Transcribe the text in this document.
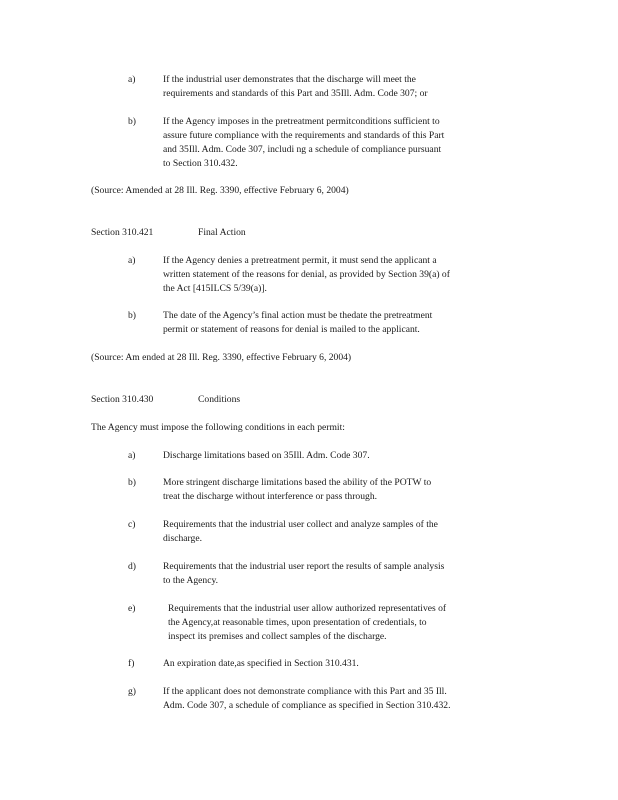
a)	If the industrial user demonstrates that the discharge will meet the
requirements and standards of this Part and 35Ill. Adm. Code 307; or
b)	If the Agency imposes in the pretreatment permitconditions sufficient to
assure future compliance with the requirements and standards of this Part
and 35Ill. Adm. Code 307, includi ng a schedule of compliance pursuant
to Section 310.432.
(Source: Amended at 28 Ill. Reg. 3390, effective February 6, 2004)
Section 310.421	Final Action
a)	If the Agency denies a pretreatment permit, it must send the applicant a
written statement of the reasons for denial, as provided by Section 39(a) of
the Act [415ILCS 5/39(a)].
b)	The date of the Agency’s final action must be thedate the pretreatment
permit or statement of reasons for denial is mailed to the applicant.
(Source: Am ended at 28 Ill. Reg. 3390, effective February 6, 2004)
Section 310.430	Conditions
The Agency must impose the following conditions in each permit:
a)	Discharge limitations based on 35Ill. Adm. Code 307.
b)	More stringent discharge limitations based the ability of the POTW to
treat the discharge without interference or pass through.
c)	Requirements that the industrial user collect and analyze samples of the
discharge.
d)	Requirements that the industrial user report the results of sample analysis
to the Agency.
e)	Requirements that the industrial user allow authorized representatives of
the Agency,at reasonable times, upon presentation of credentials, to
inspect its premises and collect samples of the discharge.
f)	An expiration date,as specified in Section 310.431.
g)	If the applicant does not demonstrate compliance with this Part and 35 Ill.
Adm. Code 307, a schedule of compliance as specified in Section 310.432.
